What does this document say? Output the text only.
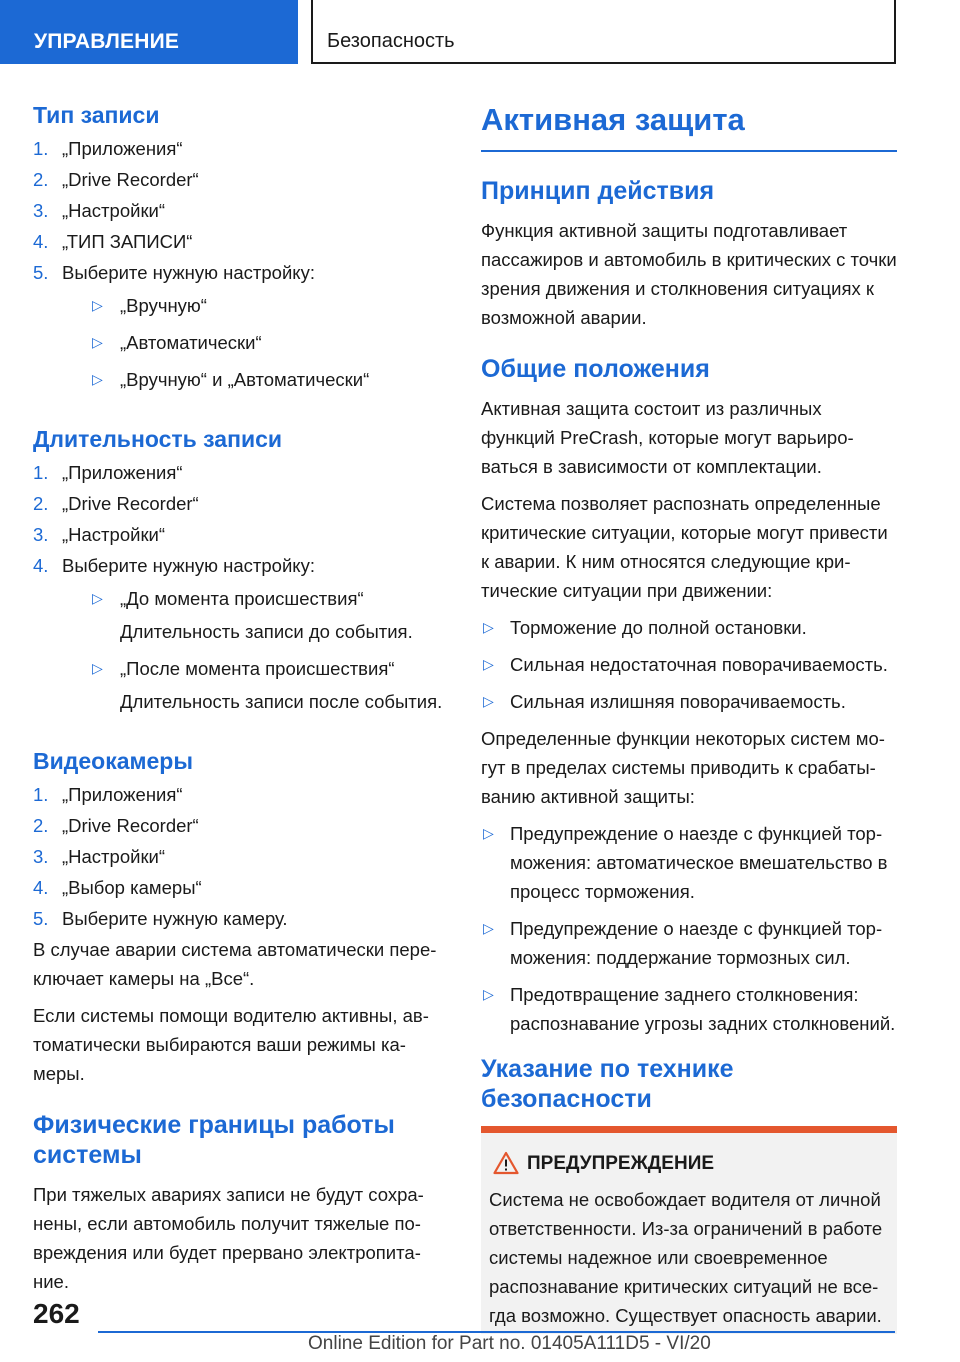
УПРАВЛЕНИЕ	Безопасность
Тип записи
1. „Приложения“
2. „Drive Recorder“
3. „Настройки“
4. „ТИП ЗАПИСИ“
5. Выберите нужную настройку:
▷ „Вручную“
▷ „Автоматически“
▷ „Вручную“ и „Автоматически“
Длительность записи
1. „Приложения“
2. „Drive Recorder“
3. „Настройки“
4. Выберите нужную настройку:
▷ „До момента происшествия“
Длительность записи до события.
▷ „После момента происшествия“
Длительность записи после события.
Видеокамеры
1. „Приложения“
2. „Drive Recorder“
3. „Настройки“
4. „Выбор камеры“
5. Выберите нужную камеру.

В случае аварии система автоматически переключает камеры на „Все“.

Если системы помощи водителю активны, автоматически выбираются ваши режимы камеры.

Физические границы работы системы

При тяжелых авариях записи не будут сохранены, если автомобиль получит тяжелые повреждения или будет прервано электропитание.

Активная защита
Принцип действия

Функция активной защиты подготавливает пассажиров и автомобиль в критических с точки зрения движения и столкновения ситуациях к возможной аварии.

Общие положения

Активная защита состоит из различных функций PreCrash, которые могут варьироваться в зависимости от комплектации.

Система позволяет распознать определенные критические ситуации, которые могут привести к аварии. К ним относятся следующие критические ситуации при движении:

▷ Торможение до полной остановки.
▷ Сильная недостаточная поворачиваемость.
▷ Сильная излишняя поворачиваемость.

Определенные функции некоторых систем могут в пределах системы приводить к срабатыванию активной защиты:

▷ Предупреждение о наезде с функцией торможения: автоматическое вмешательство в процесс торможения.
▷ Предупреждение о наезде с функцией торможения: поддержание тормозных сил.
▷ Предотвращение заднего столкновения: распознавание угрозы задних столкновений.
Указание по технике безопасности
ПРЕДУПРЕЖДЕНИЕ

Система не освобождает водителя от личной ответственности. Из-за ограничений в работе системы надежное или своевременное распознавание критических ситуаций не всегда возможно. Существует опасность аварии.

262
Online Edition for Part no. 01405A111D5 - VI/20
